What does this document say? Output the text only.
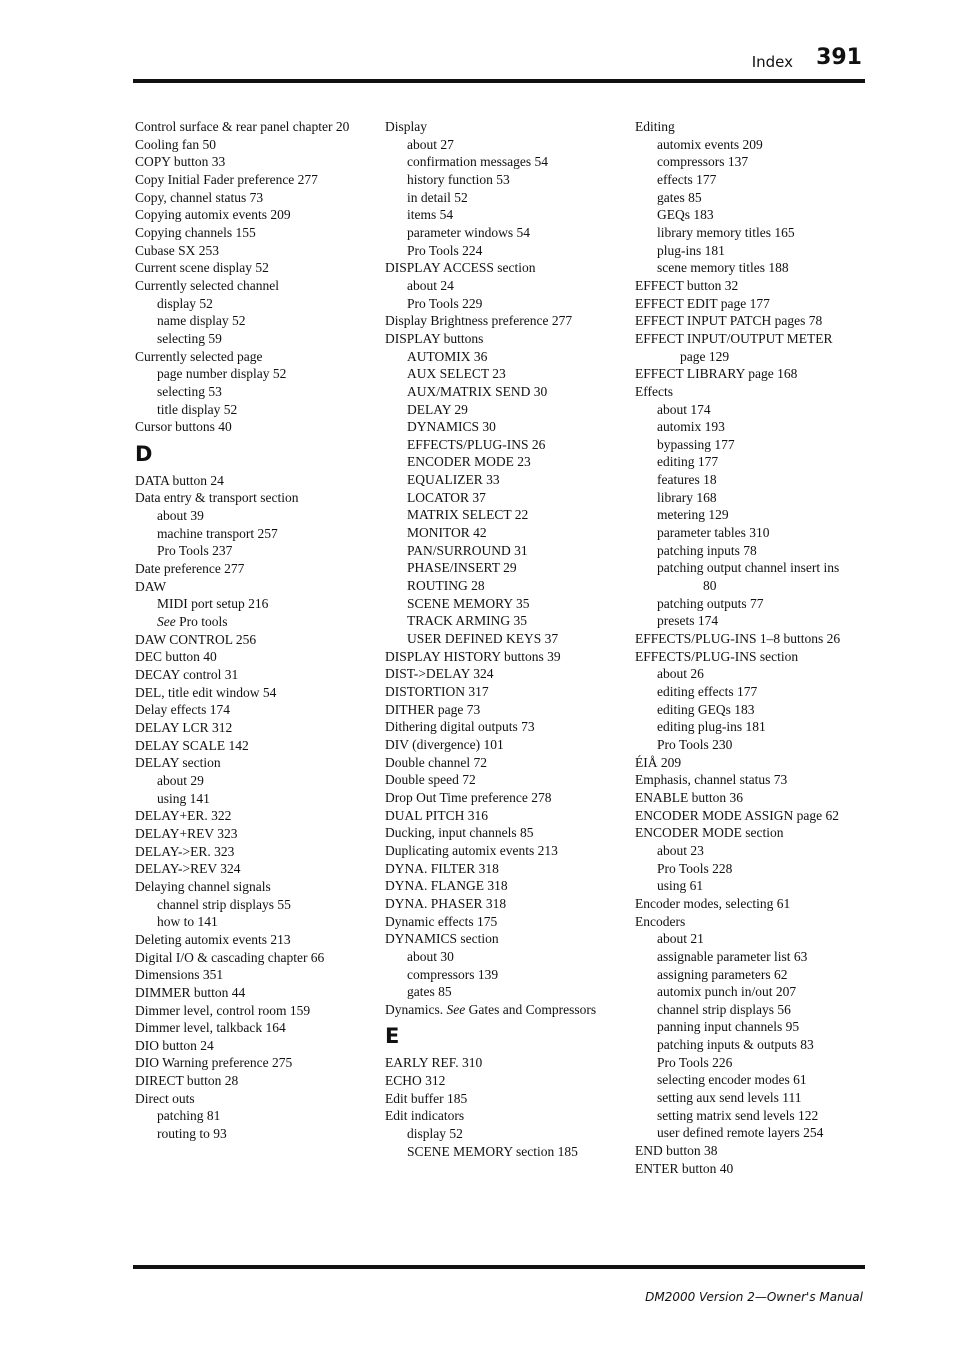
Index	391
Control surface & rear panel chapter 20
Cooling fan 50
COPY button 33
Copy Initial Fader preference 277
Copy, channel status 73
Copying automix events 209
Copying channels 155
Cubase SX 253
Current scene display 52
Currently selected channel
display 52
name display 52
selecting 59
Currently selected page
page number display 52
selecting 53
title display 52
Cursor buttons 40
D
DATA button 24
Data entry & transport section
about 39
machine transport 257
Pro Tools 237
Date preference 277
DAW
MIDI port setup 216
See Pro tools
DAW CONTROL 256
DEC button 40
DECAY control 31
DEL, title edit window 54
Delay effects 174
DELAY LCR 312
DELAY SCALE 142
DELAY section
about 29
using 141
DELAY+ER. 322
DELAY+REV 323
DELAY->ER. 323
DELAY->REV 324
Delaying channel signals
channel strip displays 55
how to 141
Deleting automix events 213
Digital I/O & cascading chapter 66
Dimensions 351
DIMMER button 44
Dimmer level, control room 159
Dimmer level, talkback 164
DIO button 24
DIO Warning preference 275
DIRECT button 28
Direct outs
patching 81
routing to 93
Display
about 27
confirmation messages 54
history function 53
in detail 52
items 54
parameter windows 54
Pro Tools 224
DISPLAY ACCESS section
about 24
Pro Tools 229
Display Brightness preference 277
DISPLAY buttons
AUTOMIX 36
AUX SELECT 23
AUX/MATRIX SEND 30
DELAY 29
DYNAMICS 30
EFFECTS/PLUG-INS 26
ENCODER MODE 23
EQUALIZER 33
LOCATOR 37
MATRIX SELECT 22
MONITOR 42
PAN/SURROUND 31
PHASE/INSERT 29
ROUTING 28
SCENE MEMORY 35
TRACK ARMING 35
USER DEFINED KEYS 37
DISPLAY HISTORY buttons 39
DIST->DELAY 324
DISTORTION 317
DITHER page 73
Dithering digital outputs 73
DIV (divergence) 101
Double channel 72
Double speed 72
Drop Out Time preference 278
DUAL PITCH 316
Ducking, input channels 85
Duplicating automix events 213
DYNA. FILTER 318
DYNA. FLANGE 318
DYNA. PHASER 318
Dynamic effects 175
DYNAMICS section
about 30
compressors 139
gates 85
Dynamics. See Gates and Compressors
E
EARLY REF. 310
ECHO 312
Edit buffer 185
Edit indicators
display 52
SCENE MEMORY section 185
Editing
automix events 209
compressors 137
effects 177
gates 85
GEQs 183
library memory titles 165
plug-ins 181
scene memory titles 188
EFFECT button 32
EFFECT EDIT page 177
EFFECT INPUT PATCH pages 78
EFFECT INPUT/OUTPUT METER
page 129
EFFECT LIBRARY page 168
Effects
about 174
automix 193
bypassing 177
editing 177
features 18
library 168
metering 129
parameter tables 310
patching inputs 78
patching output channel insert ins
80
patching outputs 77
presets 174
EFFECTS/PLUG-INS 1–8 buttons 26
EFFECTS/PLUG-INS section
about 26
editing effects 177
editing GEQs 183
editing plug-ins 181
Pro Tools 230
ÉIÅ 209
Emphasis, channel status 73
ENABLE button 36
ENCODER MODE ASSIGN page 62
ENCODER MODE section
about 23
Pro Tools 228
using 61
Encoder modes, selecting 61
Encoders
about 21
assignable parameter list 63
assigning parameters 62
automix punch in/out 207
channel strip displays 56
panning input channels 95
patching inputs & outputs 83
Pro Tools 226
selecting encoder modes 61
setting aux send levels 111
setting matrix send levels 122
user defined remote layers 254
END button 38
ENTER button 40
DM2000 Version 2—Owner's Manual
